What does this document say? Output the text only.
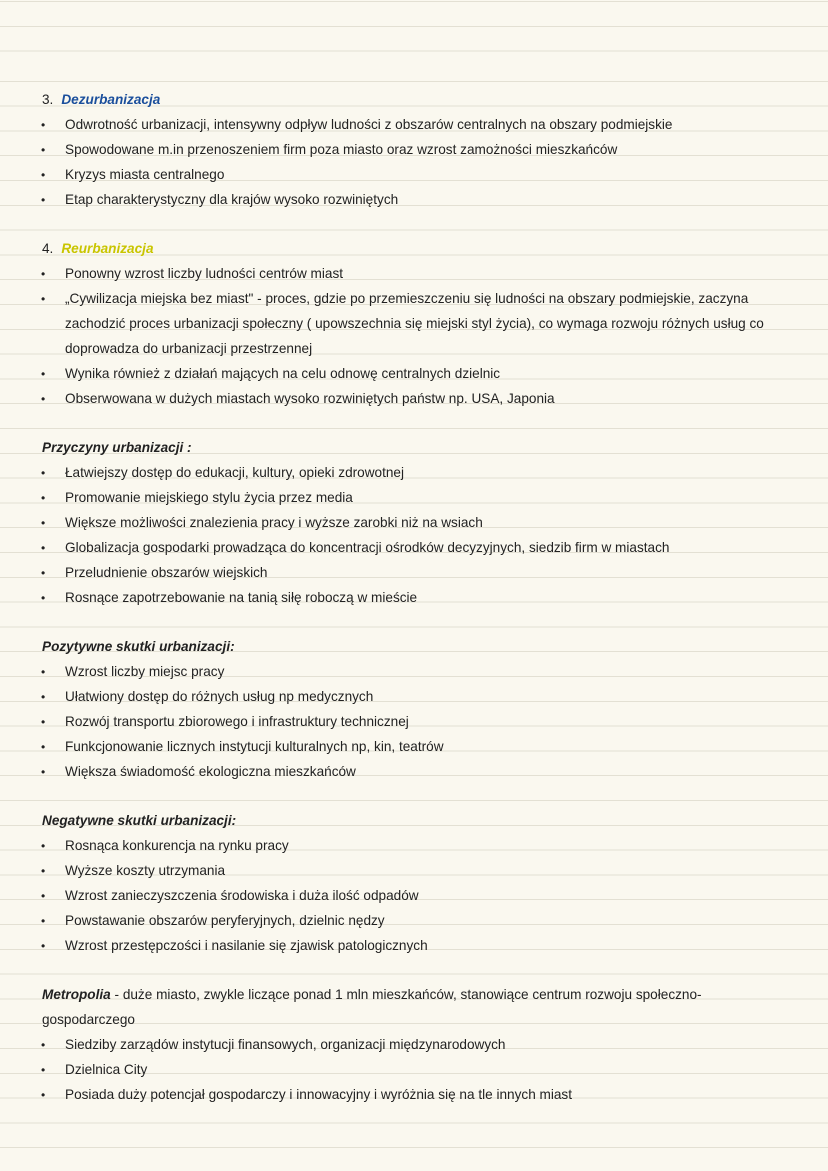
3. Dezurbanizacja
• Odwrotność urbanizacji, intensywny odpływ ludności z obszarów centralnych na obszary podmiejskie
• Spowodowane m.in przenoszeniem firm poza miasto oraz wzrost zamożności mieszkańców
• Kryzys miasta centralnego
• Etap charakterystyczny dla krajów wysoko rozwiniętych
4. Reurbanizacja
• Ponowny wzrost liczby ludności centrów miast
• „Cywilizacja miejska bez miast" - proces, gdzie po przemieszczeniu się ludności na obszary podmiejskie, zaczyna
zachodzić proces urbanizacji społeczny ( upowszechnia się miejski styl życia), co wymaga rozwoju różnych usług co
doprowadza do urbanizacji przestrzennej
• Wynika również z działań mających na celu odnowę centralnych dzielnic
• Obserwowana w dużych miastach wysoko rozwiniętych państw np. USA, Japonia
Przyczyny urbanizacji :
• Łatwiejszy dostęp do edukacji, kultury, opieki zdrowotnej
• Promowanie miejskiego stylu życia przez media
• Większe możliwości znalezienia pracy i wyższe zarobki niż na wsiach
• Globalizacja gospodarki prowadząca do koncentracji ośrodków decyzyjnych, siedzib firm w miastach
• Przeludnienie obszarów wiejskich
• Rosnące zapotrzebowanie na tanią siłę roboczą w mieście
Pozytywne skutki urbanizacji:
• Wzrost liczby miejsc pracy
• Ułatwiony dostęp do różnych usług np medycznych
• Rozwój transportu zbiorowego i infrastruktury technicznej
• Funkcjonowanie licznych instytucji kulturalnych np, kin, teatrów
• Większa świadomość ekologiczna mieszkańców
Negatywne skutki urbanizacji:
• Rosnąca konkurencja na rynku pracy
• Wyższe koszty utrzymania
• Wzrost zanieczyszczenia środowiska i duża ilość odpadów
• Powstawanie obszarów peryferyjnych, dzielnic nędzy
• Wzrost przestępczości i nasilanie się zjawisk patologicznych
Metropolia - duże miasto, zwykle liczące ponad 1 mln mieszkańców, stanowiące centrum rozwoju społeczno-
gospodarczego
• Siedziby zarządów instytucji finansowych, organizacji międzynarodowych
• Dzielnica City
• Posiada duży potencjał gospodarczy i innowacyjny i wyróżnia się na tle innych miast
